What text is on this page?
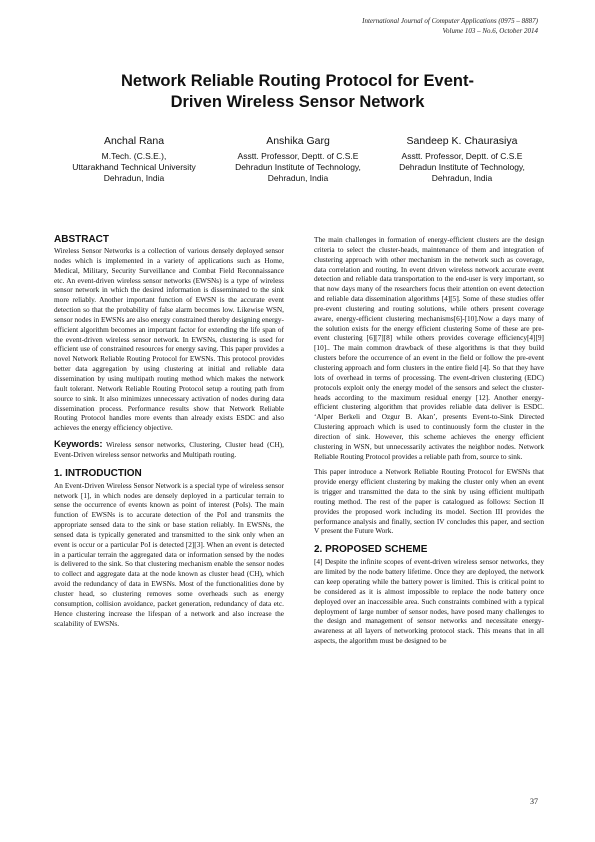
International Journal of Computer Applications (0975 – 8887)
Volume 103 – No.6, October 2014
Network Reliable Routing Protocol for Event-
Driven Wireless Sensor Network
Anchal Rana
M.Tech. (C.S.E.),
Uttarakhand Technical University
Dehradun, India
Anshika Garg
Asstt. Professor, Deptt. of C.S.E
Dehradun Institute of Technology,
Dehradun, India
Sandeep K. Chaurasiya
Asstt. Professor, Deptt. of C.S.E
Dehradun Institute of Technology,
Dehradun, India
ABSTRACT

Wireless Sensor Networks is a collection of various densely deployed sensor nodes which is implemented in a variety of applications such as Home, Medical, Military, Security Surveillance and Combat Field Reconnaissance etc. An event-driven wireless sensor networks (EWSNs) is a type of wireless sensor network in which the desired information is disseminated to the sink more reliably. Another important function of EWSN is the accurate event detection so that the probability of false alarm becomes low. Likewise WSN, sensor nodes in EWSNs are also energy constrained thereby designing energy-efficient algorithm becomes an important factor for extending the life span of the event-driven wireless sensor network. In EWSNs, clustering is used for efficient use of constrained resources for energy saving. This paper provides a novel Network Reliable Routing Protocol for EWSNs. This protocol provides better data aggregation by using clustering at initial and reliable data dissemination by using multipath routing method which makes the network fault tolerant. Network Reliable Routing Protocol setup a routing path from source to sink. It also minimizes unnecessary activation of nodes during data dissemination process. Performance results show that Network Reliable Routing Protocol handles more events than already exists ESDC and also achieves the energy efficiency objective.

Keywords: Wireless sensor networks, Clustering, Cluster head (CH), Event-Driven wireless sensor networks and Multipath routing.
1. INTRODUCTION

An Event-Driven Wireless Sensor Network is a special type of wireless sensor network [1], in which nodes are densely deployed in a particular terrain to sense the occurrence of events known as point of interest (PoIs). The main function of EWSNs is to accurate detection of the PoI and transmits the appropriate sensed data to the sink or base station reliably. In EWSNs, the sensed data is typically generated and transmitted to the sink only when an event is occur or a particular PoI is detected [2][3]. When an event is detected in a particular terrain the aggregated data or information sensed by the nodes is delivered to the sink. So that clustering mechanism enable the sensor nodes to collect and aggregate data at the node known as cluster head (CH), which avoid the redundancy of data in EWSNs. Most of the functionalities done by cluster head, so clustering removes some overheads such as energy consumption, collision avoidance, packet generation, redundancy of data etc. Hence clustering increase the lifespan of a network and also increase the scalability of EWSNs.

The main challenges in formation of energy-efficient clusters are the design criteria to select the cluster-heads, maintenance of them and integration of clustering approach with other mechanism in the network such as coverage, data correlation and routing. In event driven wireless network accurate event detection and reliable data transportation to the end-user is very important, so that now days many of the researchers focus their attention on event detection and reliable data dissemination algorithms [4][5]. Some of these studies offer pre-event clustering and routing solutions, while others present coverage aware, energy-efficient clustering mechanisms[6]-[10].Now a days many of the solution exists for the energy efficient clustering Some of these are pre-event clustering [6][7][8] while others provides coverage efficiency[4][9][10].. The main common drawback of these algorithms is that they build clusters before the occurrence of an event in the field or follow the pre-event clustering approach and form clusters in the entire field [4]. So that they have lots of overhead in terms of processing. The event-driven clustering (EDC) protocols exploit only the energy model of the sensors and select the cluster-heads according to the maximum residual energy [12]. Another energy-efficient clustering algorithm that provides reliable data deliver is ESDC. ‘Alper Berkeli and Ozgur B. Akan’, presents Event-to-Sink Directed Clustering approach which is used to continuously form the cluster in the direction of sink. However, this scheme achieves the energy efficient clustering in WSN, but unnecessarily activates the neighbor nodes. Network Reliable Routing Protocol provides a reliable path from, source to sink.

This paper introduce a Network Reliable Routing Protocol for EWSNs that provide energy efficient clustering by making the cluster only when an event is trigger and transmitted the data to the sink by using efficient multipath routing method. The rest of the paper is catalogued as follows: Section II provides the proposed work including its model. Section III provides the performance analysis and finally, section IV concludes this paper, and section V present the Future Work.

2. PROPOSED SCHEME

[4] Despite the infinite scopes of event-driven wireless sensor networks, they are limited by the node battery lifetime. Once they are deployed, the network can keep operating while the battery power is limited. This is critical point to be considered as it is almost impossible to replace the node battery once deployed over an inaccessible area. Such constraints combined with a typical deployment of large number of sensor nodes, have posed many challenges to the design and management of sensor networks and necessitate energy-awareness at all layers of networking protocol stack. This means that in all aspects, the algorithm must be designed to be

37
